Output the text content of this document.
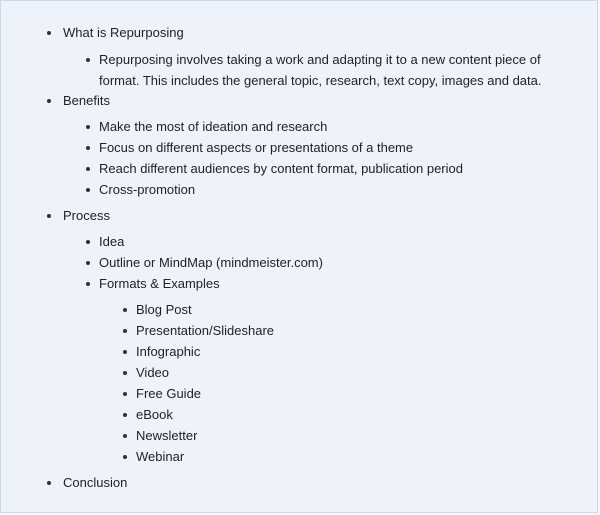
What is Repurposing
Repurposing involves taking a work and adapting it to a new content piece of
format. This includes the general topic, research, text copy, images and data.
Benefits
Make the most of ideation and research
Focus on different aspects or presentations of a theme
Reach different audiences by content format, publication period
Cross-promotion
Process
Idea
Outline or MindMap (mindmeister.com)
Formats & Examples
Blog Post
Presentation/Slideshare
Infographic
Video
Free Guide
eBook
Newsletter
Webinar
Conclusion
